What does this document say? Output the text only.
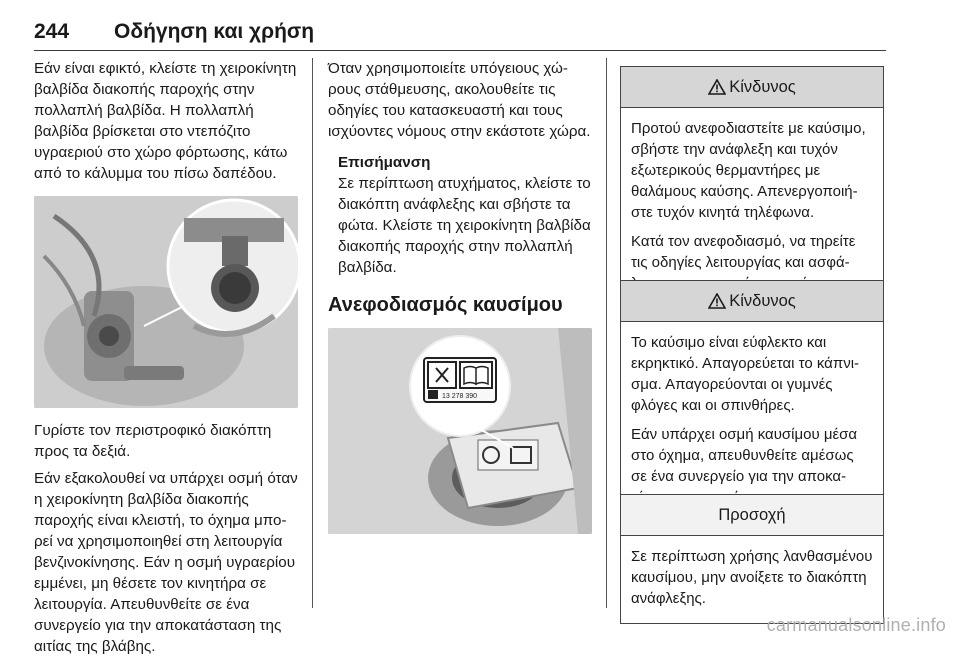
244 Οδήγηση και χρήση

Εάν είναι εφικτό, κλείστε τη χειροκίνητη βαλβίδα διακοπής παροχής στην πολλαπλή βαλβίδα. Η πολλαπλή βαλβίδα βρίσκεται στο ντεπόζιτο υγραεριού στο χώρο φόρτωσης, κάτω από το κάλυμμα του πίσω δαπέδου.

Γυρίστε τον περιστροφικό διακόπτη προς τα δεξιά.

Εάν εξακολουθεί να υπάρχει οσμή όταν η χειροκίνητη βαλβίδα διακοπής παροχής είναι κλειστή, το όχημα μπορεί να χρησιμοποιηθεί στη λειτουργία βενζινοκίνησης. Εάν η οσμή υγραερίου εμμένει, μη θέσετε τον κινητήρα σε λειτουργία. Απευθυνθείτε σε ένα συνεργείο για την αποκατάσταση της αιτίας της βλάβης.

Όταν χρησιμοποιείτε υπόγειους χώρους στάθμευσης, ακολουθείτε τις οδηγίες του κατασκευαστή και τους ισχύοντες νόμους στην εκάστοτε χώρα.

Επισήμανση

Σε περίπτωση ατυχήματος, κλείστε το διακόπτη ανάφλεξης και σβήστε τα φώτα. Κλείστε τη χειροκίνητη βαλβίδα διακοπής παροχής στην πολλαπλή βαλβίδα.

Ανεφοδιασμός καυσίμου
13 278 390
Κίνδυνος

Προτού ανεφοδιαστείτε με καύσιμο, σβήστε την ανάφλεξη και τυχόν εξωτερικούς θερμαντήρες με θαλάμους καύσης. Απενεργοποιήστε τυχόν κινητά τηλέφωνα.

Κατά τον ανεφοδιασμό, να τηρείτε τις οδηγίες λειτουργίας και ασφά

Κίνδυνος

Το καύσιμο είναι εύφλεκτο και εκρηκτικό. Απαγορεύεται το κάπνισμα. Απαγορεύονται οι γυμνές φλόγες και οι σπινθήρες.

Εάν υπάρχει οσμή καυσίμου μέσα στο όχημα, απευθυνθείτε αμέσως σε ένα συνεργείο για την αποκα

Προσοχή

Σε περίπτωση χρήσης λανθασμένου καυσίμου, μην ανοίξετε το διακόπτη ανάφλεξης.

carmanualsonline.info
